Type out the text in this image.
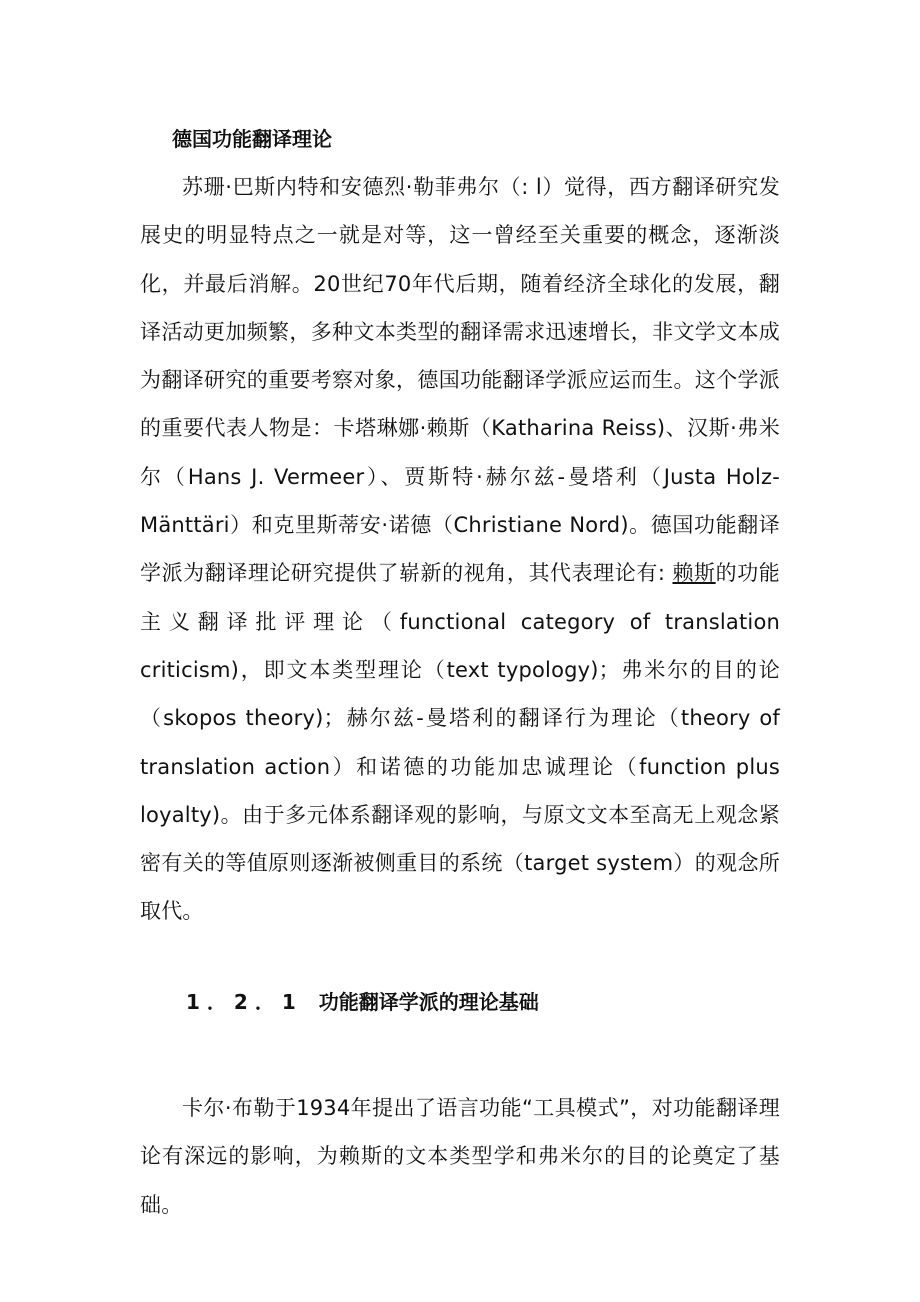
德国功能翻译理论

苏珊·巴斯内特和安德烈·勒菲弗尔（: l）觉得，西方翻译研究发展史的明显特点之一就是对等，这一曾经至关重要的概念，逐渐淡化，并最后消解。20世纪70年代后期，随着经济全球化的发展，翻译活动更加频繁，多种文本类型的翻译需求迅速增长，非文学文本成为翻译研究的重要考察对象，德国功能翻译学派应运而生。这个学派的重要代表人物是：卡塔琳娜·赖斯（Katharina Reiss)、汉斯·弗米尔（Hans J. Vermeer）、贾斯特·赫尔兹-曼塔利（Justa Holz-Mänttäri）和克里斯蒂安·诺德（Christiane Nord)。德国功能翻译学派为翻译理论研究提供了崭新的视角，其代表理论有: 赖斯的功能主义翻译批评理论（functional category of translation criticism)，即文本类型理论（text typology)；弗米尔的目的论（skopos theory)；赫尔兹-曼塔利的翻译行为理论（theory of translation action）和诺德的功能加忠诚理论（function plus loyalty)。由于多元体系翻译观的影响，与原文文本至高无上观念紧密有关的等值原则逐渐被侧重目的系统（target system）的观念所取代。

1．2．1 功能翻译学派的理论基础

卡尔·布勒于1934年提出了语言功能“工具模式”，对功能翻译理论有深远的影响，为赖斯的文本类型学和弗米尔的目的论奠定了基础。
